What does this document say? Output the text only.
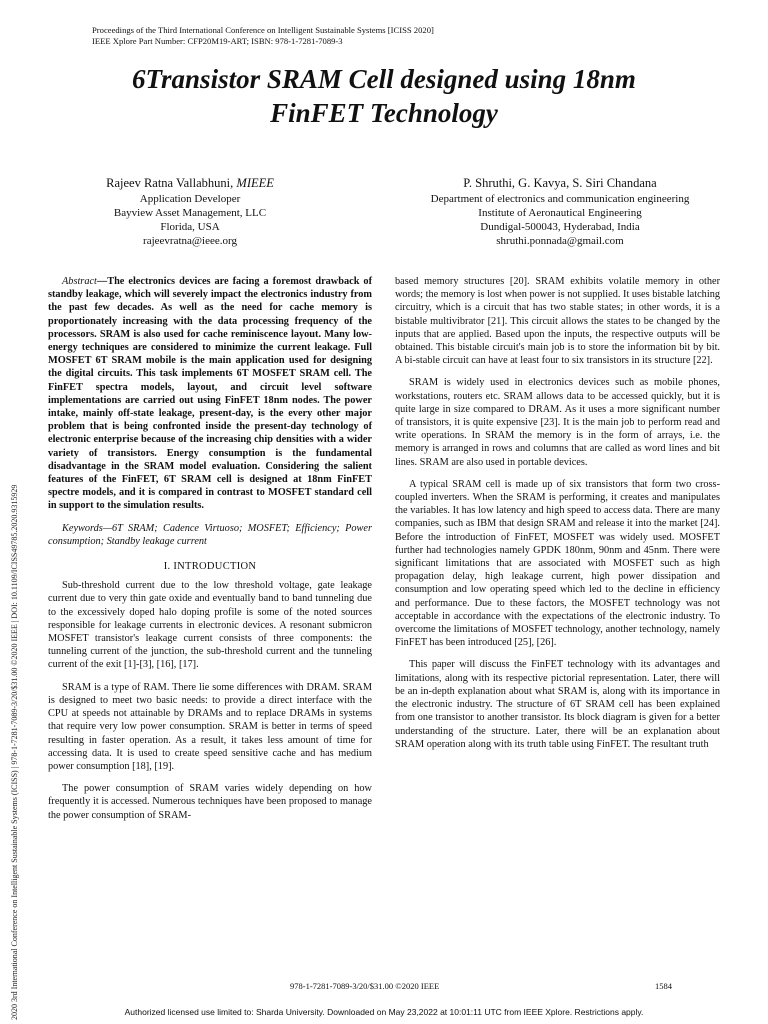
Proceedings of the Third International Conference on Intelligent Sustainable Systems [ICISS 2020]
IEEE Xplore Part Number: CFP20M19-ART; ISBN: 978-1-7281-7089-3
6Transistor SRAM Cell designed using 18nm
FinFET Technology
2020 3rd International Conference on Intelligent Sustainable Systems (ICISS) | 978-1-7281-7089-3/20/$31.00 ©2020 IEEE | DOI: 10.1109/ICISS49785.2020.9315929
Rajeev Ratna Vallabhuni, MIEEE
Application Developer
Bayview Asset Management, LLC
Florida, USA
rajeevratna@ieee.org
P. Shruthi, G. Kavya, S. Siri Chandana
Department of electronics and communication engineering
Institute of Aeronautical Engineering
Dundigal-500043, Hyderabad, India
shruthi.ponnada@gmail.com

Abstract—The electronics devices are facing a foremost drawback of standby leakage, which will severely impact the electronics industry from the past few decades. As well as the need for cache memory is proportionately increasing with the data processing frequency of the processors. SRAM is also used for cache reminiscence layout. Many low-energy techniques are considered to minimize the current leakage. Full MOSFET 6T SRAM mobile is the main application used for designing the digital circuits. This task implements 6T MOSFET SRAM cell. The FinFET spectra models, layout, and circuit level software implementations are carried out using FinFET 18nm nodes. The power intake, mainly off-state leakage, present-day, is the every other major problem that is being confronted inside the present-day technology of electronic enterprise because of the increasing chip densities with a wider variety of transistors. Energy consumption is the fundamental disadvantage in the SRAM model evaluation. Considering the salient features of the FinFET, 6T SRAM cell is designed at 18nm FinFET spectre models, and it is compared in contrast to MOSFET standard cell in support to the simulation results.

Keywords—6T SRAM; Cadence Virtuoso; MOSFET; Efficiency; Power consumption; Standby leakage current

I. INTRODUCTION

Sub-threshold current due to the low threshold voltage, gate leakage current due to very thin gate oxide and eventually band to band tunneling due to the excessively doped halo doping profile is some of the noted sources responsible for leakage currents in electronic devices. A resonant submicron MOSFET transistor's leakage current consists of three components: the tunneling current of the junction, the sub-threshold current and the tunneling current of the exit [1]-[3], [16], [17].

SRAM is a type of RAM. There lie some differences with DRAM. SRAM is designed to meet two basic needs: to provide a direct interface with the CPU at speeds not attainable by DRAMs and to replace DRAMs in systems that require very low power consumption. SRAM is better in terms of speed resulting in faster operation. As a result, it takes less amount of time for accessing data. It is used to create speed sensitive cache and has medium power consumption [18], [19].

The power consumption of SRAM varies widely depending on how frequently it is accessed. Numerous techniques have been proposed to manage the power consumption of SRAM-

based memory structures [20]. SRAM exhibits volatile memory in other words; the memory is lost when power is not supplied. It uses bistable latching circuitry, which is a circuit that has two stable states; in other words, it is a bistable multivibrator [21]. This circuit allows the states to be changed by the inputs that are applied. Based upon the inputs, the respective outputs will be obtained. This bistable circuit's main job is to store the information bit by bit. A bi-stable circuit can have at least four to six transistors in its structure [22].

SRAM is widely used in electronics devices such as mobile phones, workstations, routers etc. SRAM allows data to be accessed quickly, but it is quite large in size compared to DRAM. As it uses a more significant number of transistors, it is quite expensive [23]. It is the main job to perform read and write operations. In SRAM the memory is in the form of arrays, i.e. the memory is arranged in rows and columns that are called as word lines and bit lines. SRAM are also used in portable devices.

A typical SRAM cell is made up of six transistors that form two cross-coupled inverters. When the SRAM is performing, it creates and manipulates the variables. It has low latency and high speed to access data. There are many companies, such as IBM that design SRAM and release it into the market [24]. Before the introduction of FinFET, MOSFET was widely used. MOSFET further had technologies namely GPDK 180nm, 90nm and 45nm. There were significant limitations that are associated with MOSFET such as high propagation delay, high leakage current, high power dissipation and consumption and low operating speed which led to the decline in efficiency and performance. Due to these factors, the MOSFET technology was not acceptable in accordance with the expectations of the electronic industry. To overcome the limitations of MOSFET technology, another technology, namely FinFET has been introduced [25], [26].

This paper will discuss the FinFET technology with its advantages and limitations, along with its respective pictorial representation. Later, there will be an in-depth explanation about what SRAM is, along with its importance in the electronic industry. The structure of 6T SRAM cell has been explained from one transistor to another transistor. Its block diagram is given for a better understanding of the structure. Later, there will be an explanation about SRAM operation along with its truth table using FinFET. The resultant truth

978-1-7281-7089-3/20/$31.00 ©2020 IEEE	1584
Authorized licensed use limited to: Sharda University. Downloaded on May 23,2022 at 10:01:11 UTC from IEEE Xplore. Restrictions apply.
